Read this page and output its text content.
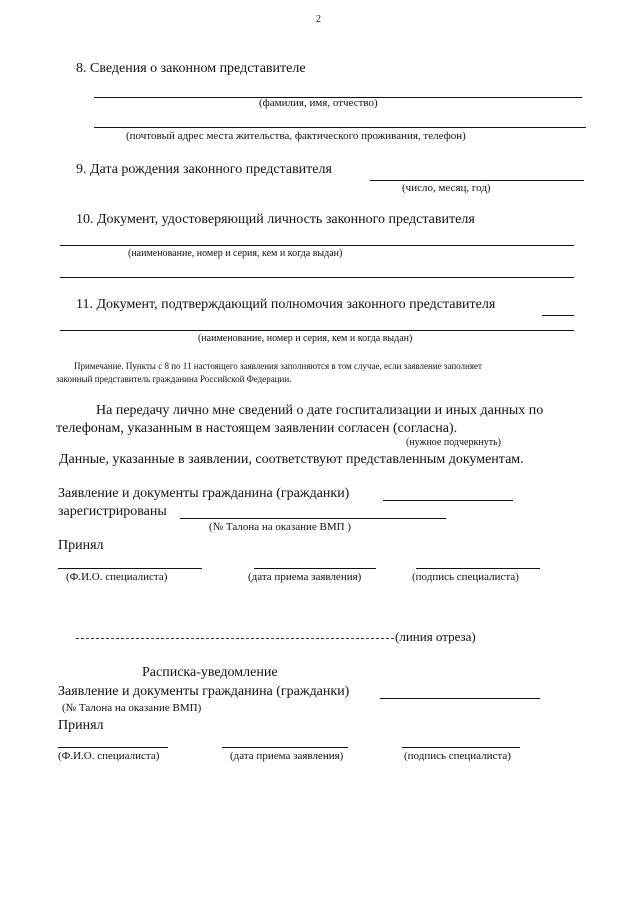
2
8. Сведения о законном представителе
(фамилия, имя, отчество)
(почтовый адрес места жительства, фактического проживания, телефон)
9. Дата рождения законного представителя
(число, месяц, год)
10. Документ, удостоверяющий личность законного представителя
(наименование, номер и серия, кем и когда выдан)
11. Документ, подтверждающий полномочия законного представителя
(наименование, номер и серия, кем и когда выдан)
Примечание. Пункты с 8 по 11 настоящего заявления заполняются в том случае, если заявление заполняет
законный представитель гражданина Российской Федерации.
На передачу лично мне сведений о дате госпитализации и иных данных по
телефонам, указанным в настоящем заявлении согласен (согласна).
(нужное подчеркнуть)
Данные, указанные в заявлении, соответствуют представленным документам.
Заявление и документы гражданина (гражданки)
зарегистрированы
(№ Талона на оказание ВМП )
Принял
(Ф.И.О. специалиста)	(дата приема заявления)	(подпись специалиста)
(линия отреза)
Расписка-уведомление
Заявление и документы гражданина (гражданки)
(№ Талона на оказание ВМП)
Принял
(Ф.И.О. специалиста)	(дата приема заявления)	(подпись специалиста)
